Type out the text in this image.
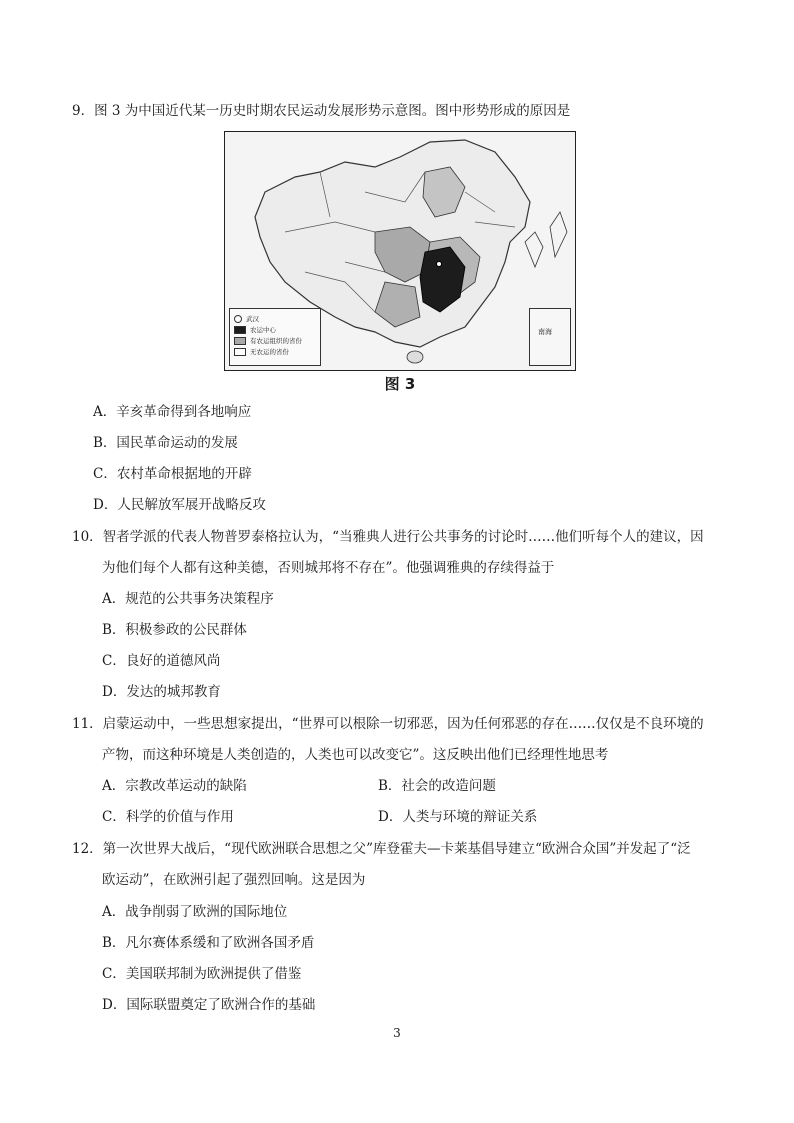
9．图 3 为中国近代某一历史时期农民运动发展形势示意图。图中形势形成的原因是
武汉
农运中心
有农运组织的省份
无农运的省份
南海
图 3
A．辛亥革命得到各地响应
B．国民革命运动的发展
C．农村革命根据地的开辟
D．人民解放军展开战略反攻
10．智者学派的代表人物普罗泰格拉认为，“当雅典人进行公共事务的讨论时……他们听每个人的建议，因
为他们每个人都有这种美德，否则城邦将不存在”。他强调雅典的存续得益于
A．规范的公共事务决策程序
B．积极参政的公民群体
C．良好的道德风尚
D．发达的城邦教育
11．启蒙运动中，一些思想家提出，“世界可以根除一切邪恶，因为任何邪恶的存在……仅仅是不良环境的
产物，而这种环境是人类创造的，人类也可以改变它”。这反映出他们已经理性地思考
A．宗教改革运动的缺陷	B．社会的改造问题
C．科学的价值与作用	D．人类与环境的辩证关系
12．第一次世界大战后，“现代欧洲联合思想之父”库登霍夫—卡莱基倡导建立“欧洲合众国”并发起了“泛
欧运动”，在欧洲引起了强烈回响。这是因为
A．战争削弱了欧洲的国际地位
B．凡尔赛体系缓和了欧洲各国矛盾
C．美国联邦制为欧洲提供了借鉴
D．国际联盟奠定了欧洲合作的基础
3
